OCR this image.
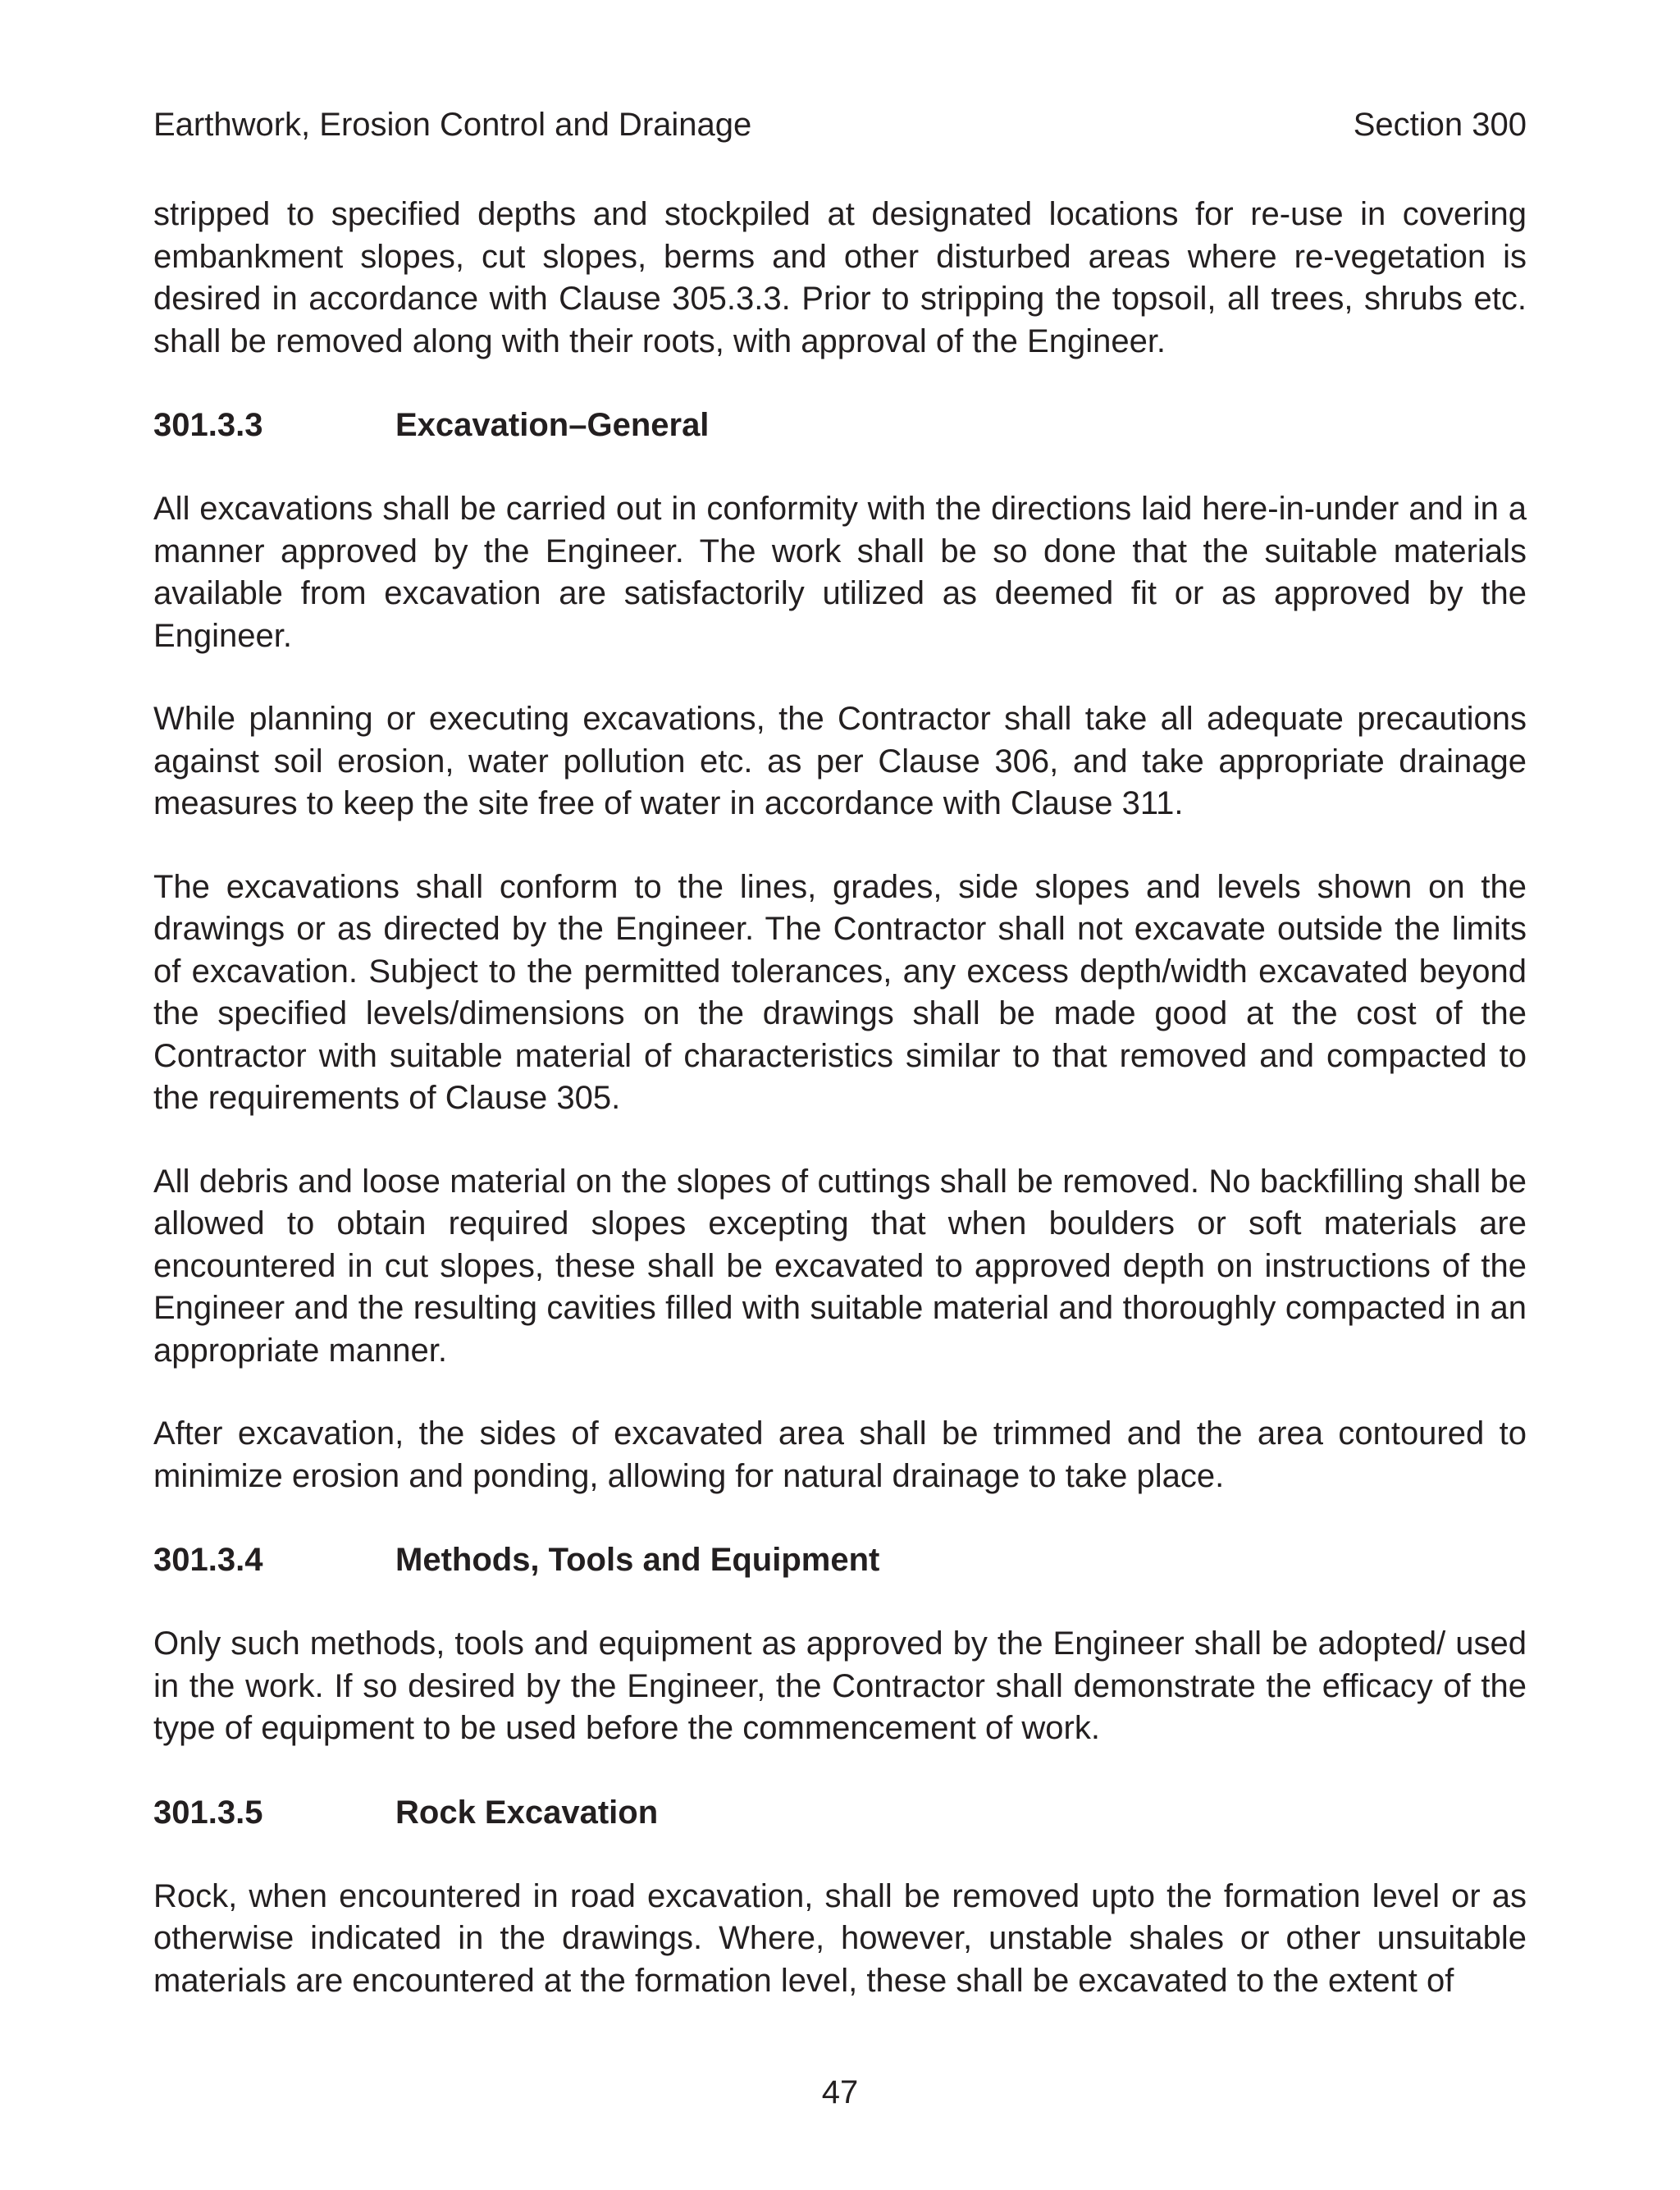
Earthwork, Erosion Control and Drainage	Section 300

stripped to specified depths and stockpiled at designated locations for re-use in covering embankment slopes, cut slopes, berms and other disturbed areas where re-vegetation is desired in accordance with Clause 305.3.3. Prior to stripping the topsoil, all trees, shrubs etc. shall be removed along with their roots, with approval of the Engineer.

301.3.3	Excavation–General

All excavations shall be carried out in conformity with the directions laid here-in-under and in a manner approved by the Engineer. The work shall be so done that the suitable materials available from excavation are satisfactorily utilized as deemed fit or as approved by the Engineer.

While planning or executing excavations, the Contractor shall take all adequate precautions against soil erosion, water pollution etc. as per Clause 306, and take appropriate drainage measures to keep the site free of water in accordance with Clause 311.

The excavations shall conform to the lines, grades, side slopes and levels shown on the drawings or as directed by the Engineer. The Contractor shall not excavate outside the limits of excavation. Subject to the permitted tolerances, any excess depth/width excavated beyond the specified levels/dimensions on the drawings shall be made good at the cost of the Contractor with suitable material of characteristics similar to that removed and compacted to the requirements of Clause 305.

All debris and loose material on the slopes of cuttings shall be removed. No backfilling shall be allowed to obtain required slopes excepting that when boulders or soft materials are encountered in cut slopes, these shall be excavated to approved depth on instructions of the Engineer and the resulting cavities filled with suitable material and thoroughly compacted in an appropriate manner.

After excavation, the sides of excavated area shall be trimmed and the area contoured to minimize erosion and ponding, allowing for natural drainage to take place.

301.3.4	Methods, Tools and Equipment

Only such methods, tools and equipment as approved by the Engineer shall be adopted/ used in the work. If so desired by the Engineer, the Contractor shall demonstrate the efficacy of the type of equipment to be used before the commencement of work.

301.3.5	Rock Excavation

Rock, when encountered in road excavation, shall be removed upto the formation level or as otherwise indicated in the drawings. Where, however, unstable shales or other unsuitable materials are encountered at the formation level, these shall be excavated to the extent of

47
